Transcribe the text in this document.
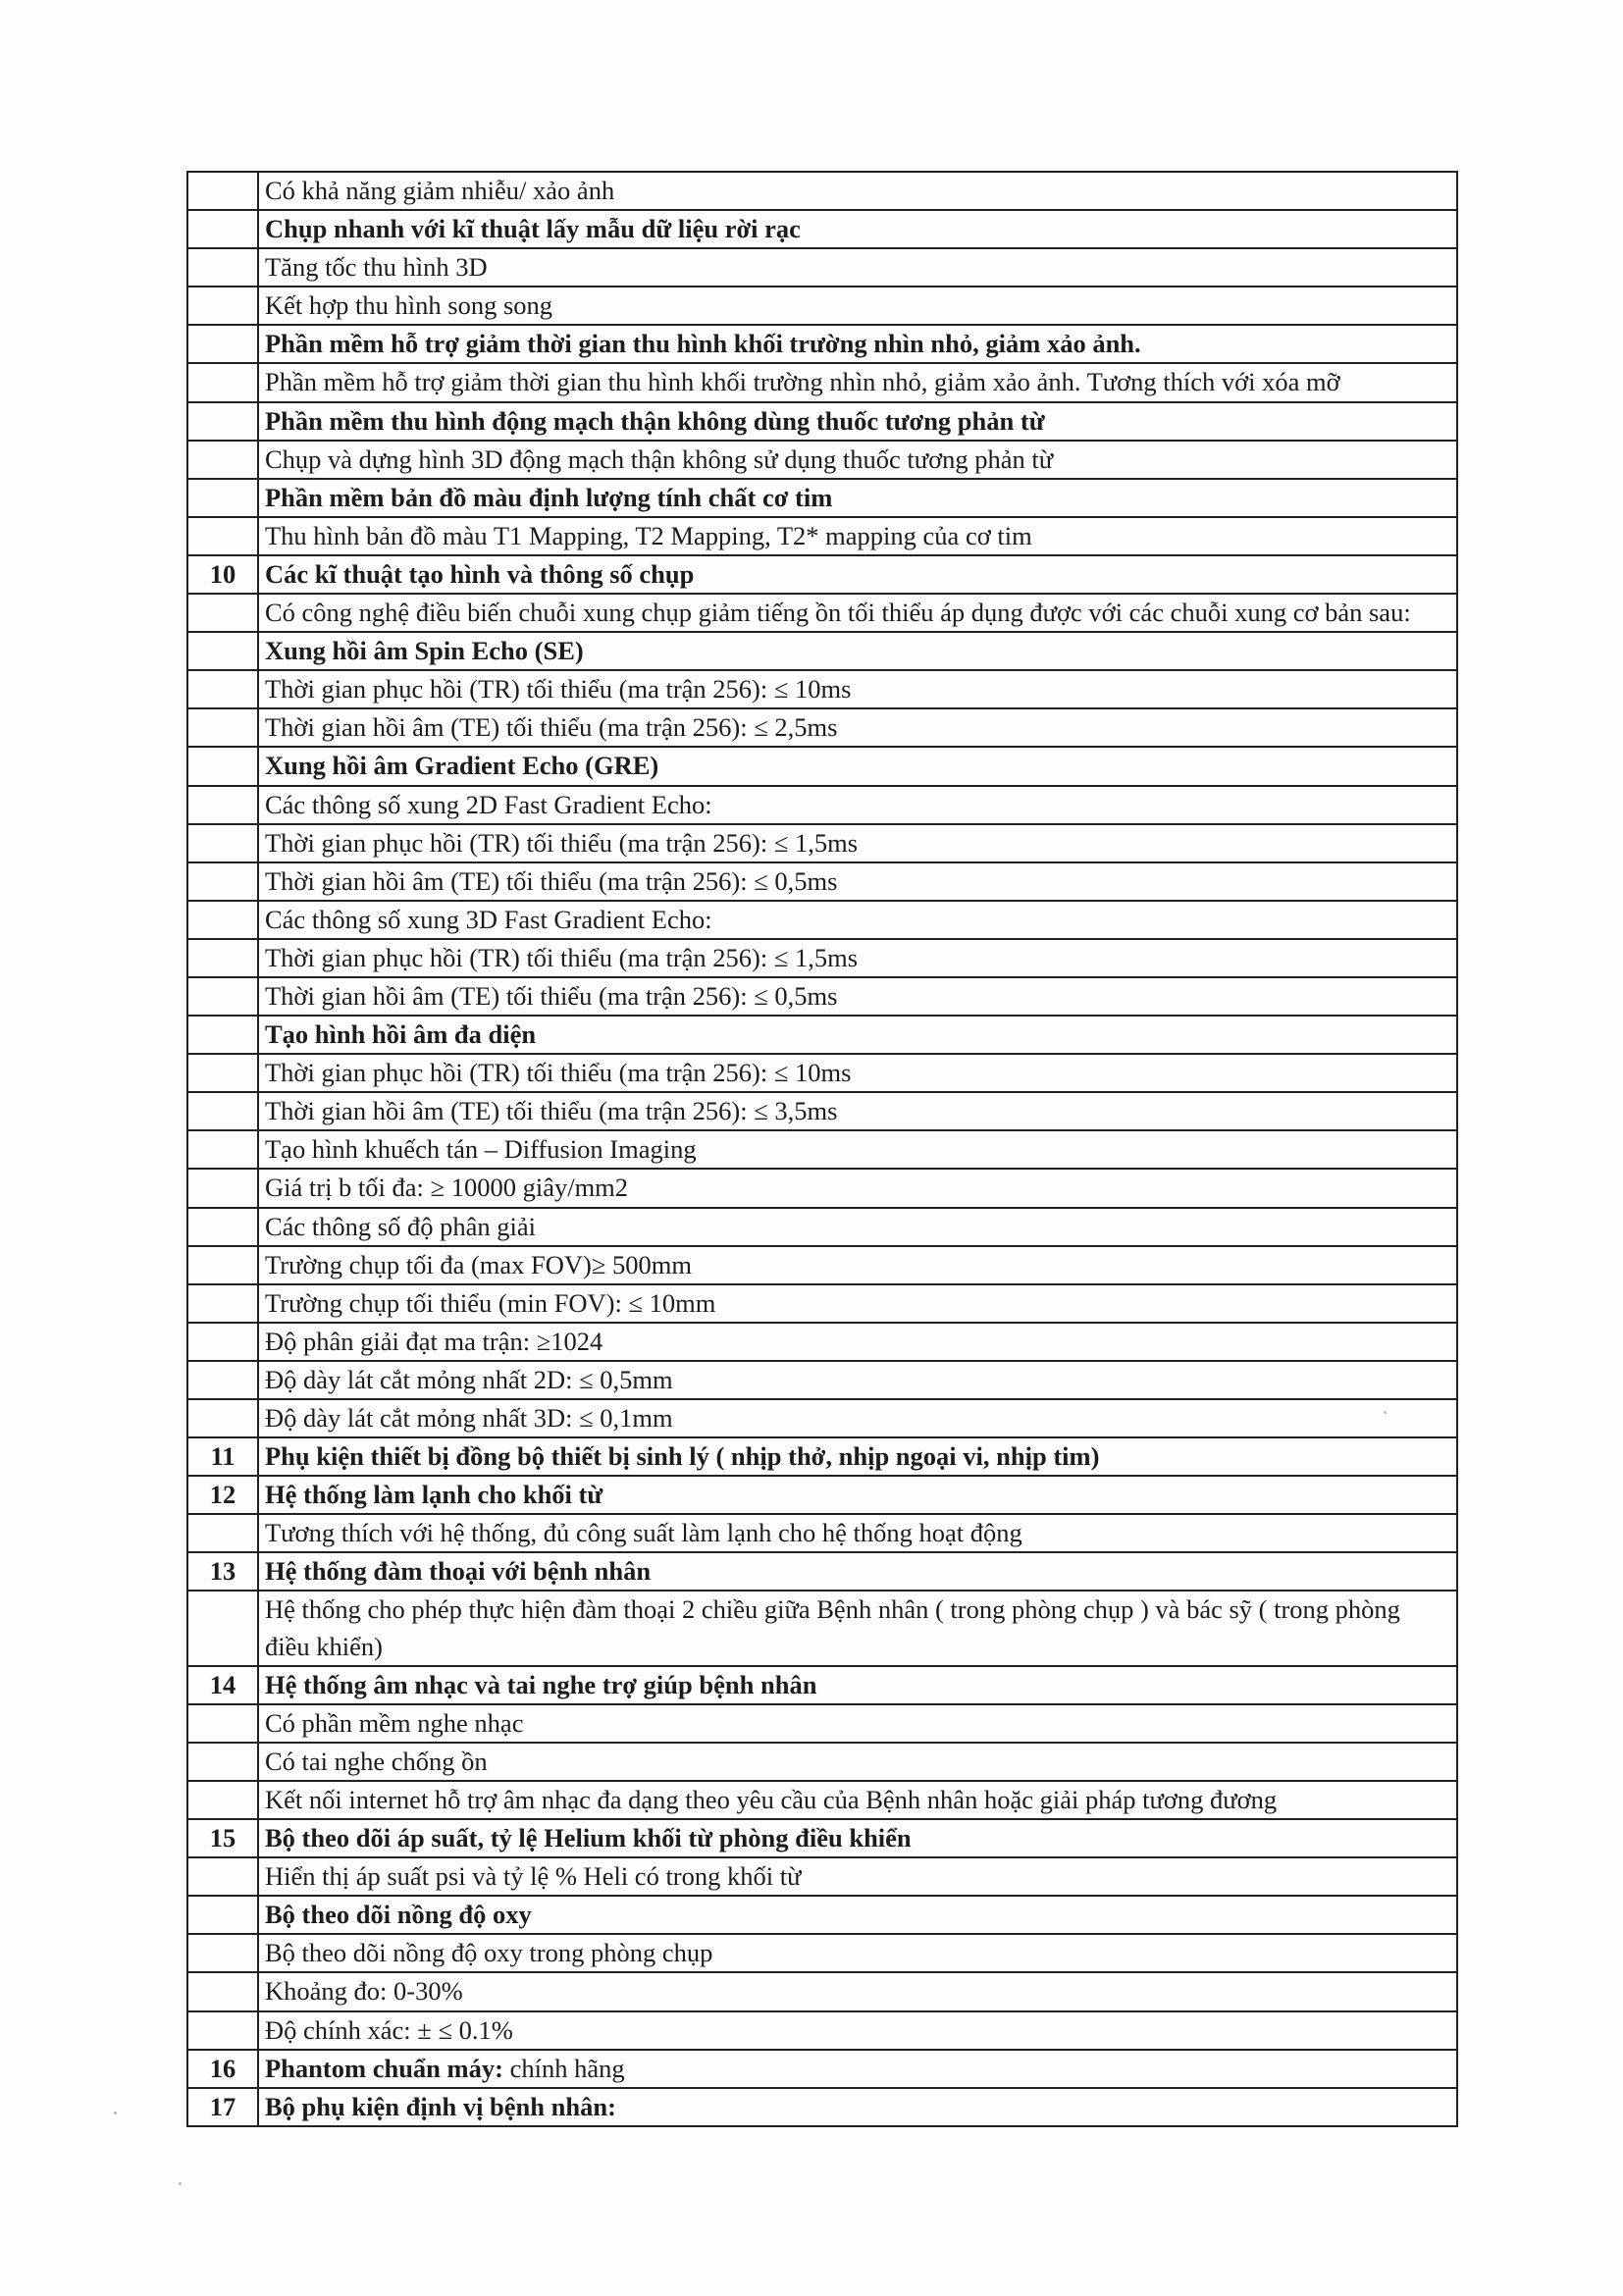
	Có khả năng giảm nhiễu/ xảo ảnh
	Chụp nhanh với kĩ thuật lấy mẫu dữ liệu rời rạc
	Tăng tốc thu hình 3D
	Kết hợp thu hình song song
	Phần mềm hỗ trợ giảm thời gian thu hình khối trường nhìn nhỏ, giảm xảo ảnh.
	Phần mềm hỗ trợ giảm thời gian thu hình khối trường nhìn nhỏ, giảm xảo ảnh. Tương thích với xóa mỡ
	Phần mềm thu hình động mạch thận không dùng thuốc tương phản từ
	Chụp và dựng hình 3D động mạch thận không sử dụng thuốc tương phản từ
	Phần mềm bản đồ màu định lượng tính chất cơ tim
	Thu hình bản đồ màu T1 Mapping, T2 Mapping, T2* mapping của cơ tim
10	Các kĩ thuật tạo hình và thông số chụp
	Có công nghệ điều biến chuỗi xung chụp giảm tiếng ồn tối thiểu áp dụng được với các chuỗi xung cơ bản sau:
	Xung hồi âm Spin Echo (SE)
	Thời gian phục hồi (TR) tối thiểu (ma trận 256): ≤ 10ms
	Thời gian hồi âm (TE) tối thiểu (ma trận 256): ≤ 2,5ms
	Xung hồi âm Gradient Echo (GRE)
	Các thông số xung 2D Fast Gradient Echo:
	Thời gian phục hồi (TR) tối thiểu (ma trận 256): ≤ 1,5ms
	Thời gian hồi âm (TE) tối thiểu (ma trận 256): ≤ 0,5ms
	Các thông số xung 3D Fast Gradient Echo:
	Thời gian phục hồi (TR) tối thiểu (ma trận 256): ≤ 1,5ms
	Thời gian hồi âm (TE) tối thiểu (ma trận 256): ≤ 0,5ms
	Tạo hình hồi âm đa diện
	Thời gian phục hồi (TR) tối thiểu (ma trận 256): ≤ 10ms
	Thời gian hồi âm (TE) tối thiểu (ma trận 256): ≤ 3,5ms
	Tạo hình khuếch tán – Diffusion Imaging
	Giá trị b tối đa: ≥ 10000 giây/mm2
	Các thông số độ phân giải
	Trường chụp tối đa (max FOV)≥ 500mm
	Trường chụp tối thiểu (min FOV): ≤ 10mm
	Độ phân giải đạt ma trận: ≥1024
	Độ dày lát cắt mỏng nhất 2D: ≤ 0,5mm
	Độ dày lát cắt mỏng nhất 3D: ≤ 0,1mm
11	Phụ kiện thiết bị đồng bộ thiết bị sinh lý ( nhịp thở, nhịp ngoại vi, nhịp tim)
12	Hệ thống làm lạnh cho khối từ
	Tương thích với hệ thống, đủ công suất làm lạnh cho hệ thống hoạt động
13	Hệ thống đàm thoại với bệnh nhân
	Hệ thống cho phép thực hiện đàm thoại 2 chiều giữa Bệnh nhân ( trong phòng chụp ) và bác sỹ ( trong phòng điều khiển)
14	Hệ thống âm nhạc và tai nghe trợ giúp bệnh nhân
	Có phần mềm nghe nhạc
	Có tai nghe chống ồn
	Kết nối internet hỗ trợ âm nhạc đa dạng theo yêu cầu của Bệnh nhân hoặc giải pháp tương đương
15	Bộ theo dõi áp suất, tỷ lệ Helium khối từ phòng điều khiển
	Hiển thị áp suất psi và tỷ lệ % Heli có trong khối từ
	Bộ theo dõi nồng độ oxy
	Bộ theo dõi nồng độ oxy trong phòng chụp
	Khoảng đo: 0-30%
	Độ chính xác: ± ≤ 0.1%
16	Phantom chuẩn máy: chính hãng
17	Bộ phụ kiện định vị bệnh nhân:
